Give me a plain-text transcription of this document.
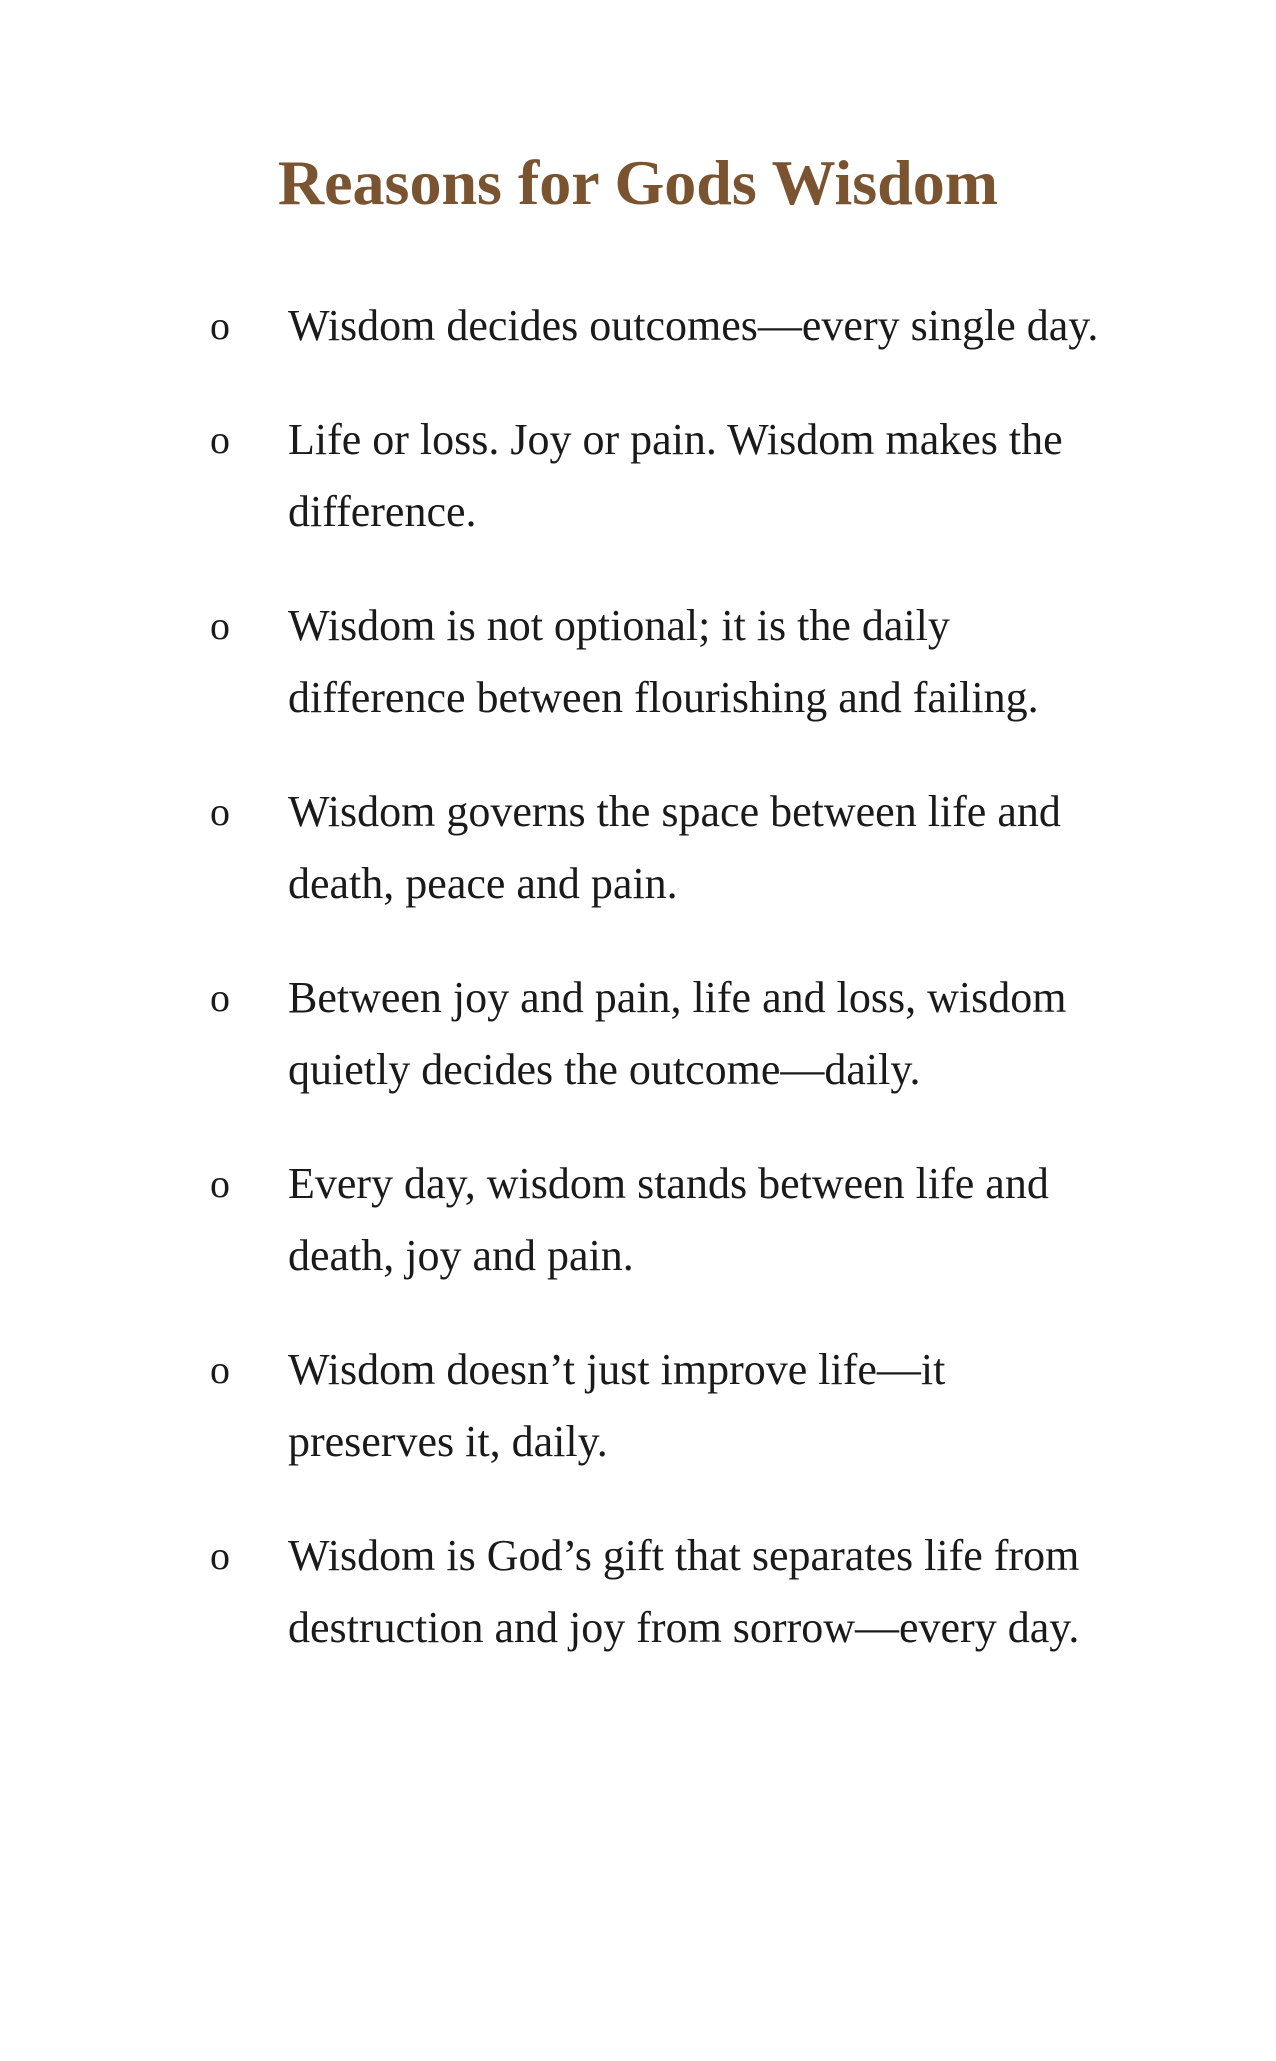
Reasons for Gods Wisdom
o Wisdom decides outcomes—every single day.
o Life or loss. Joy or pain. Wisdom makes the difference.
o Wisdom is not optional; it is the daily difference between flourishing and failing.
o Wisdom governs the space between life and death, peace and pain.
o Between joy and pain, life and loss, wisdom quietly decides the outcome—daily.
o Every day, wisdom stands between life and death, joy and pain.
o Wisdom doesn’t just improve life—it preserves it, daily.
o Wisdom is God’s gift that separates life from destruction and joy from sorrow—every day.
